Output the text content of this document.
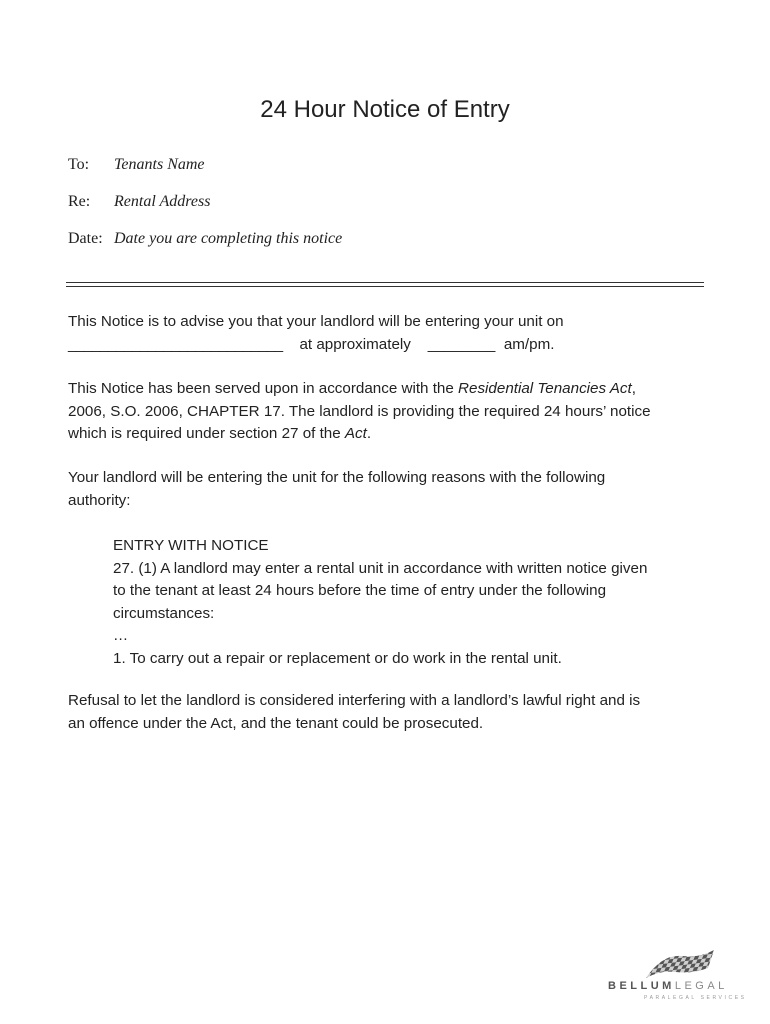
24 Hour Notice of Entry
To: Tenants Name
Re: Rental Address
Date: Date you are completing this notice
This Notice is to advise you that your landlord will be entering your unit on
___________________________ at approximately ________ am/pm.
This Notice has been served upon in accordance with the Residential Tenancies Act,
2006, S.O. 2006, CHAPTER 17. The landlord is providing the required 24 hours’ notice
which is required under section 27 of the Act.
Your landlord will be entering the unit for the following reasons with the following
authority:
ENTRY WITH NOTICE
27. (1) A landlord may enter a rental unit in accordance with written notice given
to the tenant at least 24 hours before the time of entry under the following
circumstances:
…
1. To carry out a repair or replacement or do work in the rental unit.
Refusal to let the landlord is considered interfering with a landlord’s lawful right and is
an offence under the Act, and the tenant could be prosecuted.
BELLUMLEGAL
PARALEGAL SERVICES
